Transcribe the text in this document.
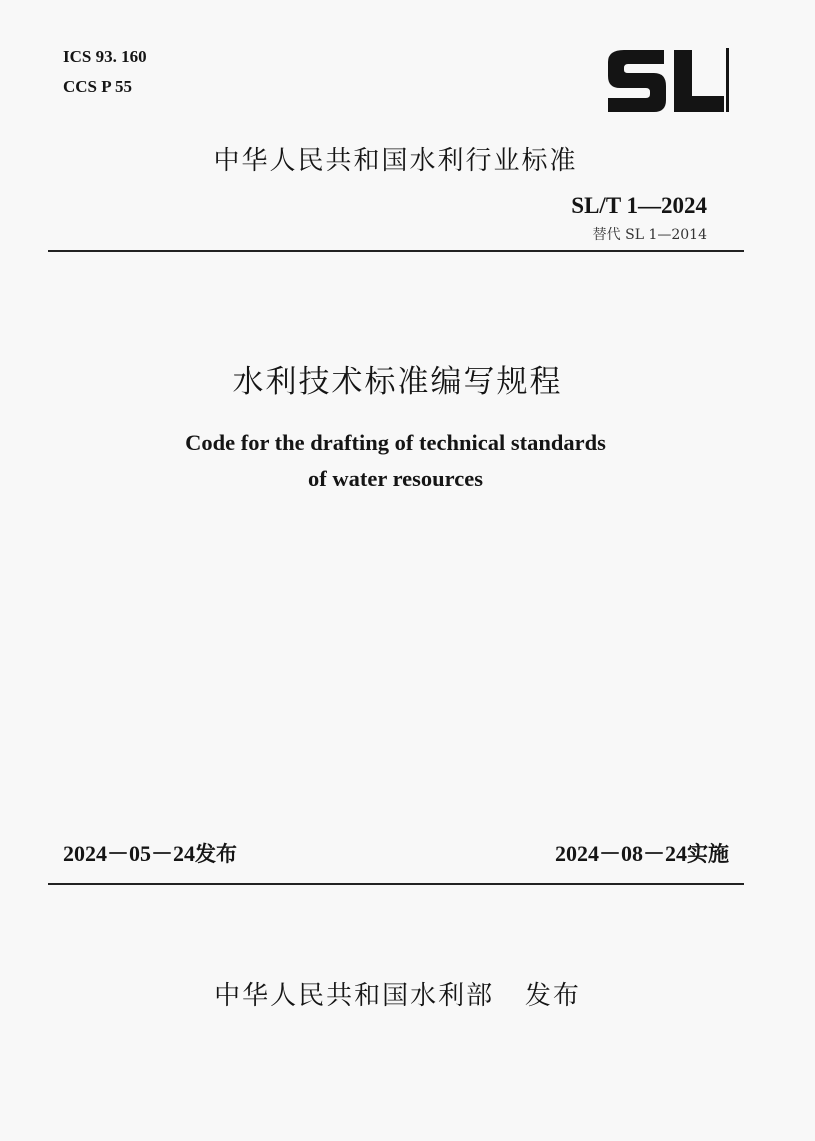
ICS 93. 160
CCS P 55
中华人民共和国水利行业标准
SL/T 1—2024
替代 SL 1—2014
水利技术标准编写规程
Code for the drafting of technical standards
of water resources
2024－05－24发布	2024－08－24实施
中华人民共和国水利部 发布
